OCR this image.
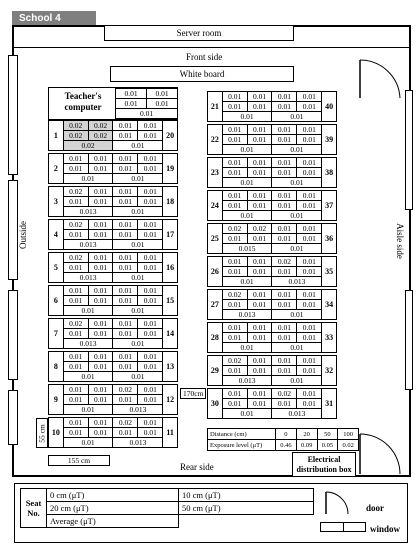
School 4
Server room
Front side
White board
Outside	Aisle side
Teacher's computer
0.01	0.01
0.01	0.01
0.01	
1	0.02	0.02	0.01	0.01	20
	0.02	0.02	0.01	0.01	
	0.02		0.01		
2	0.01	0.01	0.01	0.01	19
	0.01	0.01	0.01	0.01	
	0.01		0.01		
3	0.02	0.01	0.01	0.01	18
	0.01	0.01	0.01	0.01	
	0.013		0.01		
4	0.02	0.01	0.01	0.01	17
	0.01	0.01	0.01	0.01	
	0.013		0.01		
5	0.02	0.01	0.01	0.01	16
	0.01	0.01	0.01	0.01	
	0.013		0.01		
6	0.01	0.01	0.01	0.01	15
	0.01	0.01	0.01	0.01	
	0.01		0.01		
7	0.02	0.01	0.01	0.01	14
	0.01	0.01	0.01	0.01	
	0.013		0.01		
8	0.01	0.01	0.01	0.01	13
	0.01	0.01	0.01	0.01	
	0.01		0.01		
9	0.01	0.01	0.02	0.01	12
	0.01	0.01	0.01	0.01	
	0.01		0.013		
10	0.01	0.01	0.02	0.01	11
	0.01	0.01	0.01	0.01	
	0.01		0.013		
21	0.01	0.01	0.01	0.01	40
	0.01	0.01	0.01	0.01	
	0.01		0.01		
22	0.01	0.01	0.01	0.01	39
	0.01	0.01	0.01	0.01	
	0.01		0.01		
23	0.01	0.01	0.01	0.01	38
	0.01	0.01	0.01	0.01	
	0.01		0.01		
24	0.01	0.01	0.01	0.01	37
	0.01	0.01	0.01	0.01	
	0.01		0.01		
25	0.02	0.02	0.01	0.01	36
	0.01	0.01	0.01	0.01	
	0.015		0.01		
26	0.01	0.01	0.02	0.01	35
	0.01	0.01	0.01	0.01	
	0.01		0.013		
27	0.02	0.01	0.01	0.01	34
	0.01	0.01	0.01	0.01	
	0.013		0.01		
28	0.01	0.01	0.01	0.01	33
	0.01	0.01	0.01	0.01	
	0.01		0.01		
29	0.02	0.01	0.01	0.01	32
	0.01	0.01	0.01	0.01	
	0.013		0.01		
30	0.01	0.01	0.02	0.01	31
	0.01	0.01	0.01	0.01	
	0.01		0.013		
170cm
55 cm
155 cm
Distance (cm)	0	20	50	100
Exposure level (μT)	0.46	0.09	0.05	0.02
Rear side
Electrical distribution box
Seat No.	0 cm (μT)	10 cm (μT)
	20 cm (μT)	50 cm (μT)
	Average (μT)	
door
window
